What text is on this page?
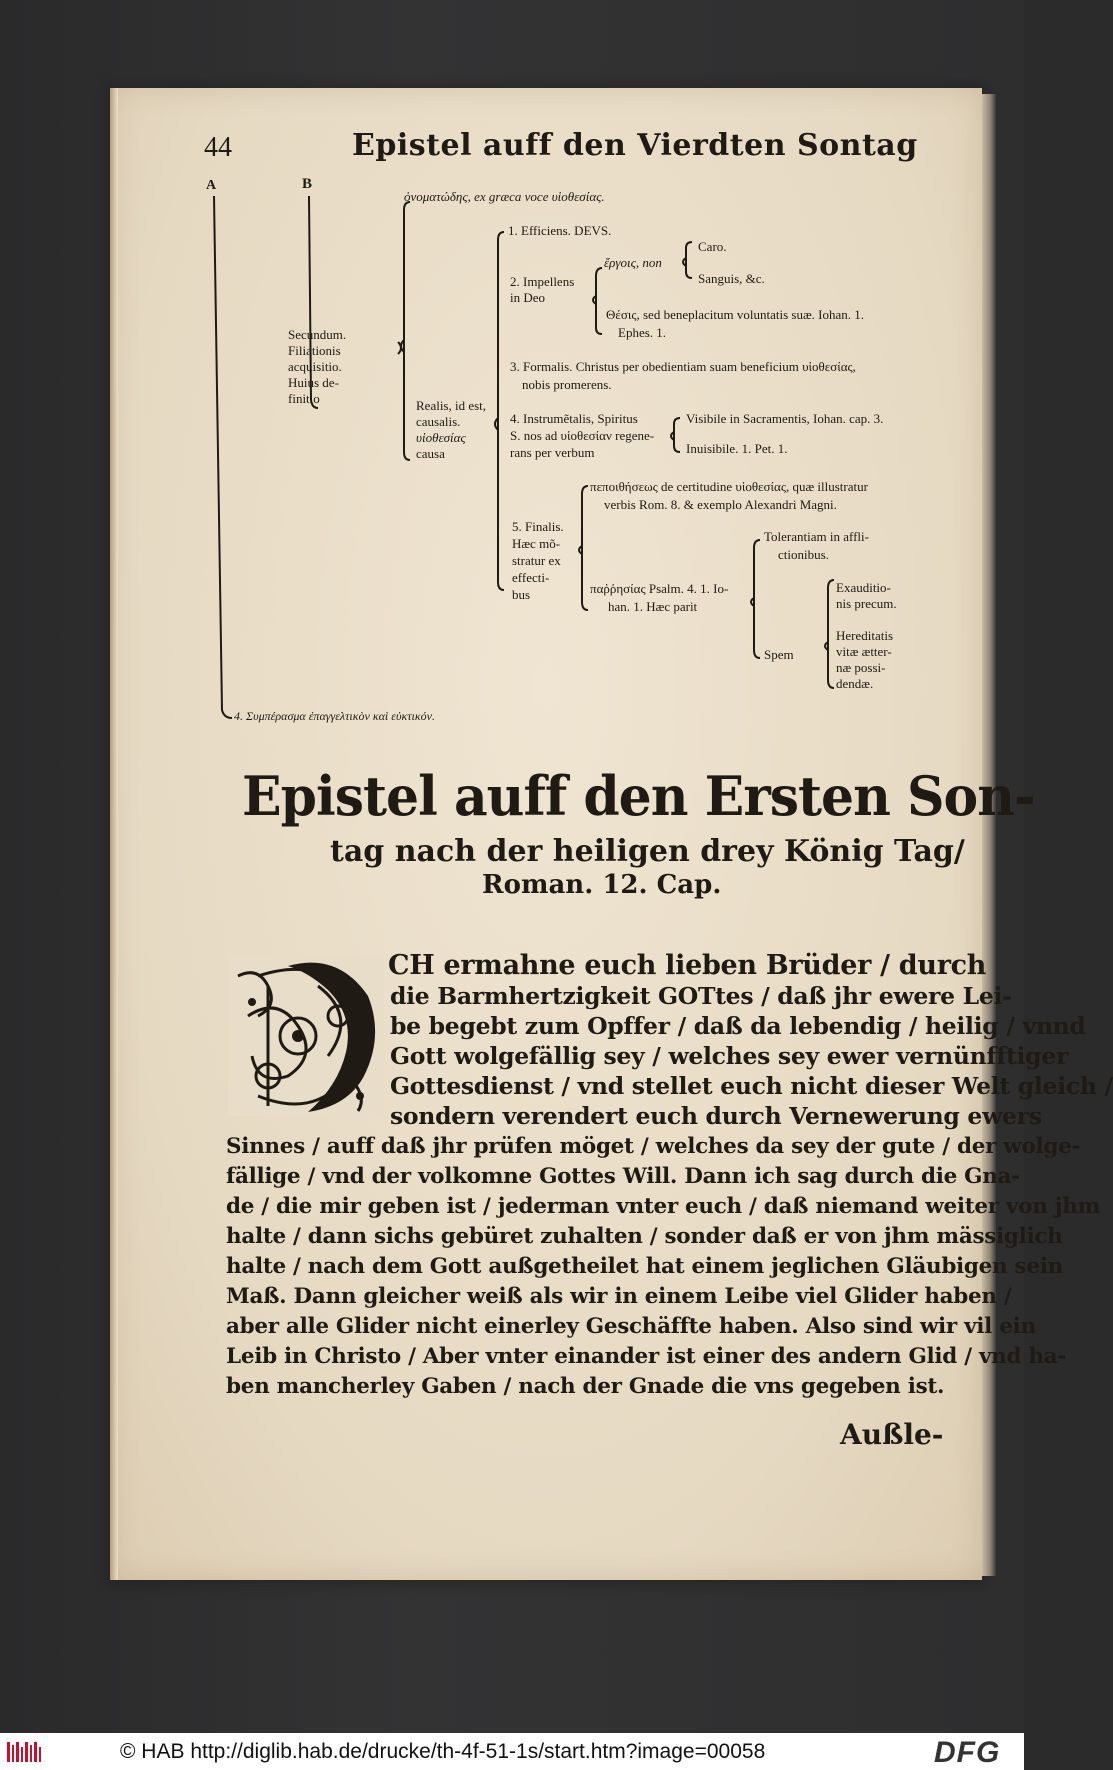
44	Epistel auff den Vierdten Sontag
A	B
Secundum.
Filiationis
acquisitio.
Huius de-
finitio
ὀνοματώδης, ex græca voce υἱοθεσίας.
Realis, id est,
causalis.
υἱοθεσίας
causa
1. Efficiens. DEVS.
2. Impellens
in Deo
ἔργοις, non
Caro.
Sanguis, &c.
Θέσις, sed beneplacitum voluntatis suæ. Iohan. 1.
Ephes. 1.
3. Formalis. Christus per obedientiam suam beneficium υἱοθεσίας,
nobis promerens.
4. Instrumẽtalis, Spiritus
S. nos ad υἱοθεσίαν regene-
rans per verbum
Visibile in Sacramentis, Iohan. cap. 3.
Inuisibile. 1. Pet. 1.
5. Finalis.
Hæc mõ-
stratur ex
effecti-
bus
πεποιθήσεως de certitudine υἱοθεσίας, quæ illustratur
verbis Rom. 8. & exemplo Alexandri Magni.
παῤῥησίας Psalm. 4. 1. Io-
han. 1. Hæc parit
Tolerantiam in affli-
ctionibus.
Spem
Exauditio-
nis precum.
Hereditatis
vitæ ætter-
næ possi-
dendæ.
4. Συμπέρασμα ἐπαγγελτικὸν καὶ εὐκτικόν.
Epistel auff den Ersten Son-
tag nach der heiligen drey König Tag/
Roman. 12. Cap.
CH ermahne euch lieben Brüder / durch
die Barmhertzigkeit GOTtes / daß jhr ewere Lei-
be begebt zum Opffer / daß da lebendig / heilig / vnnd
Gott wolgefällig sey / welches sey ewer vernünfftiger
Gottesdienst / vnd stellet euch nicht dieser Welt gleich /
sondern verendert euch durch Vernewerung ewers
Sinnes / auff daß jhr prüfen möget / welches da sey der gute / der wolge-
fällige / vnd der volkomne Gottes Will. Dann ich sag durch die Gna-
de / die mir geben ist / jederman vnter euch / daß niemand weiter von jhm
halte / dann sichs gebüret zuhalten / sonder daß er von jhm mässiglich
halte / nach dem Gott außgetheilet hat einem jeglichen Gläubigen sein
Maß. Dann gleicher weiß als wir in einem Leibe viel Glider haben /
aber alle Glider nicht einerley Geschäffte haben. Also sind wir vil ein
Leib in Christo / Aber vnter einander ist einer des andern Glid / vnd ha-
ben mancherley Gaben / nach der Gnade die vns gegeben ist.
Außle-
© HAB http://diglib.hab.de/drucke/th-4f-51-1s/start.htm?image=00058	DFG
